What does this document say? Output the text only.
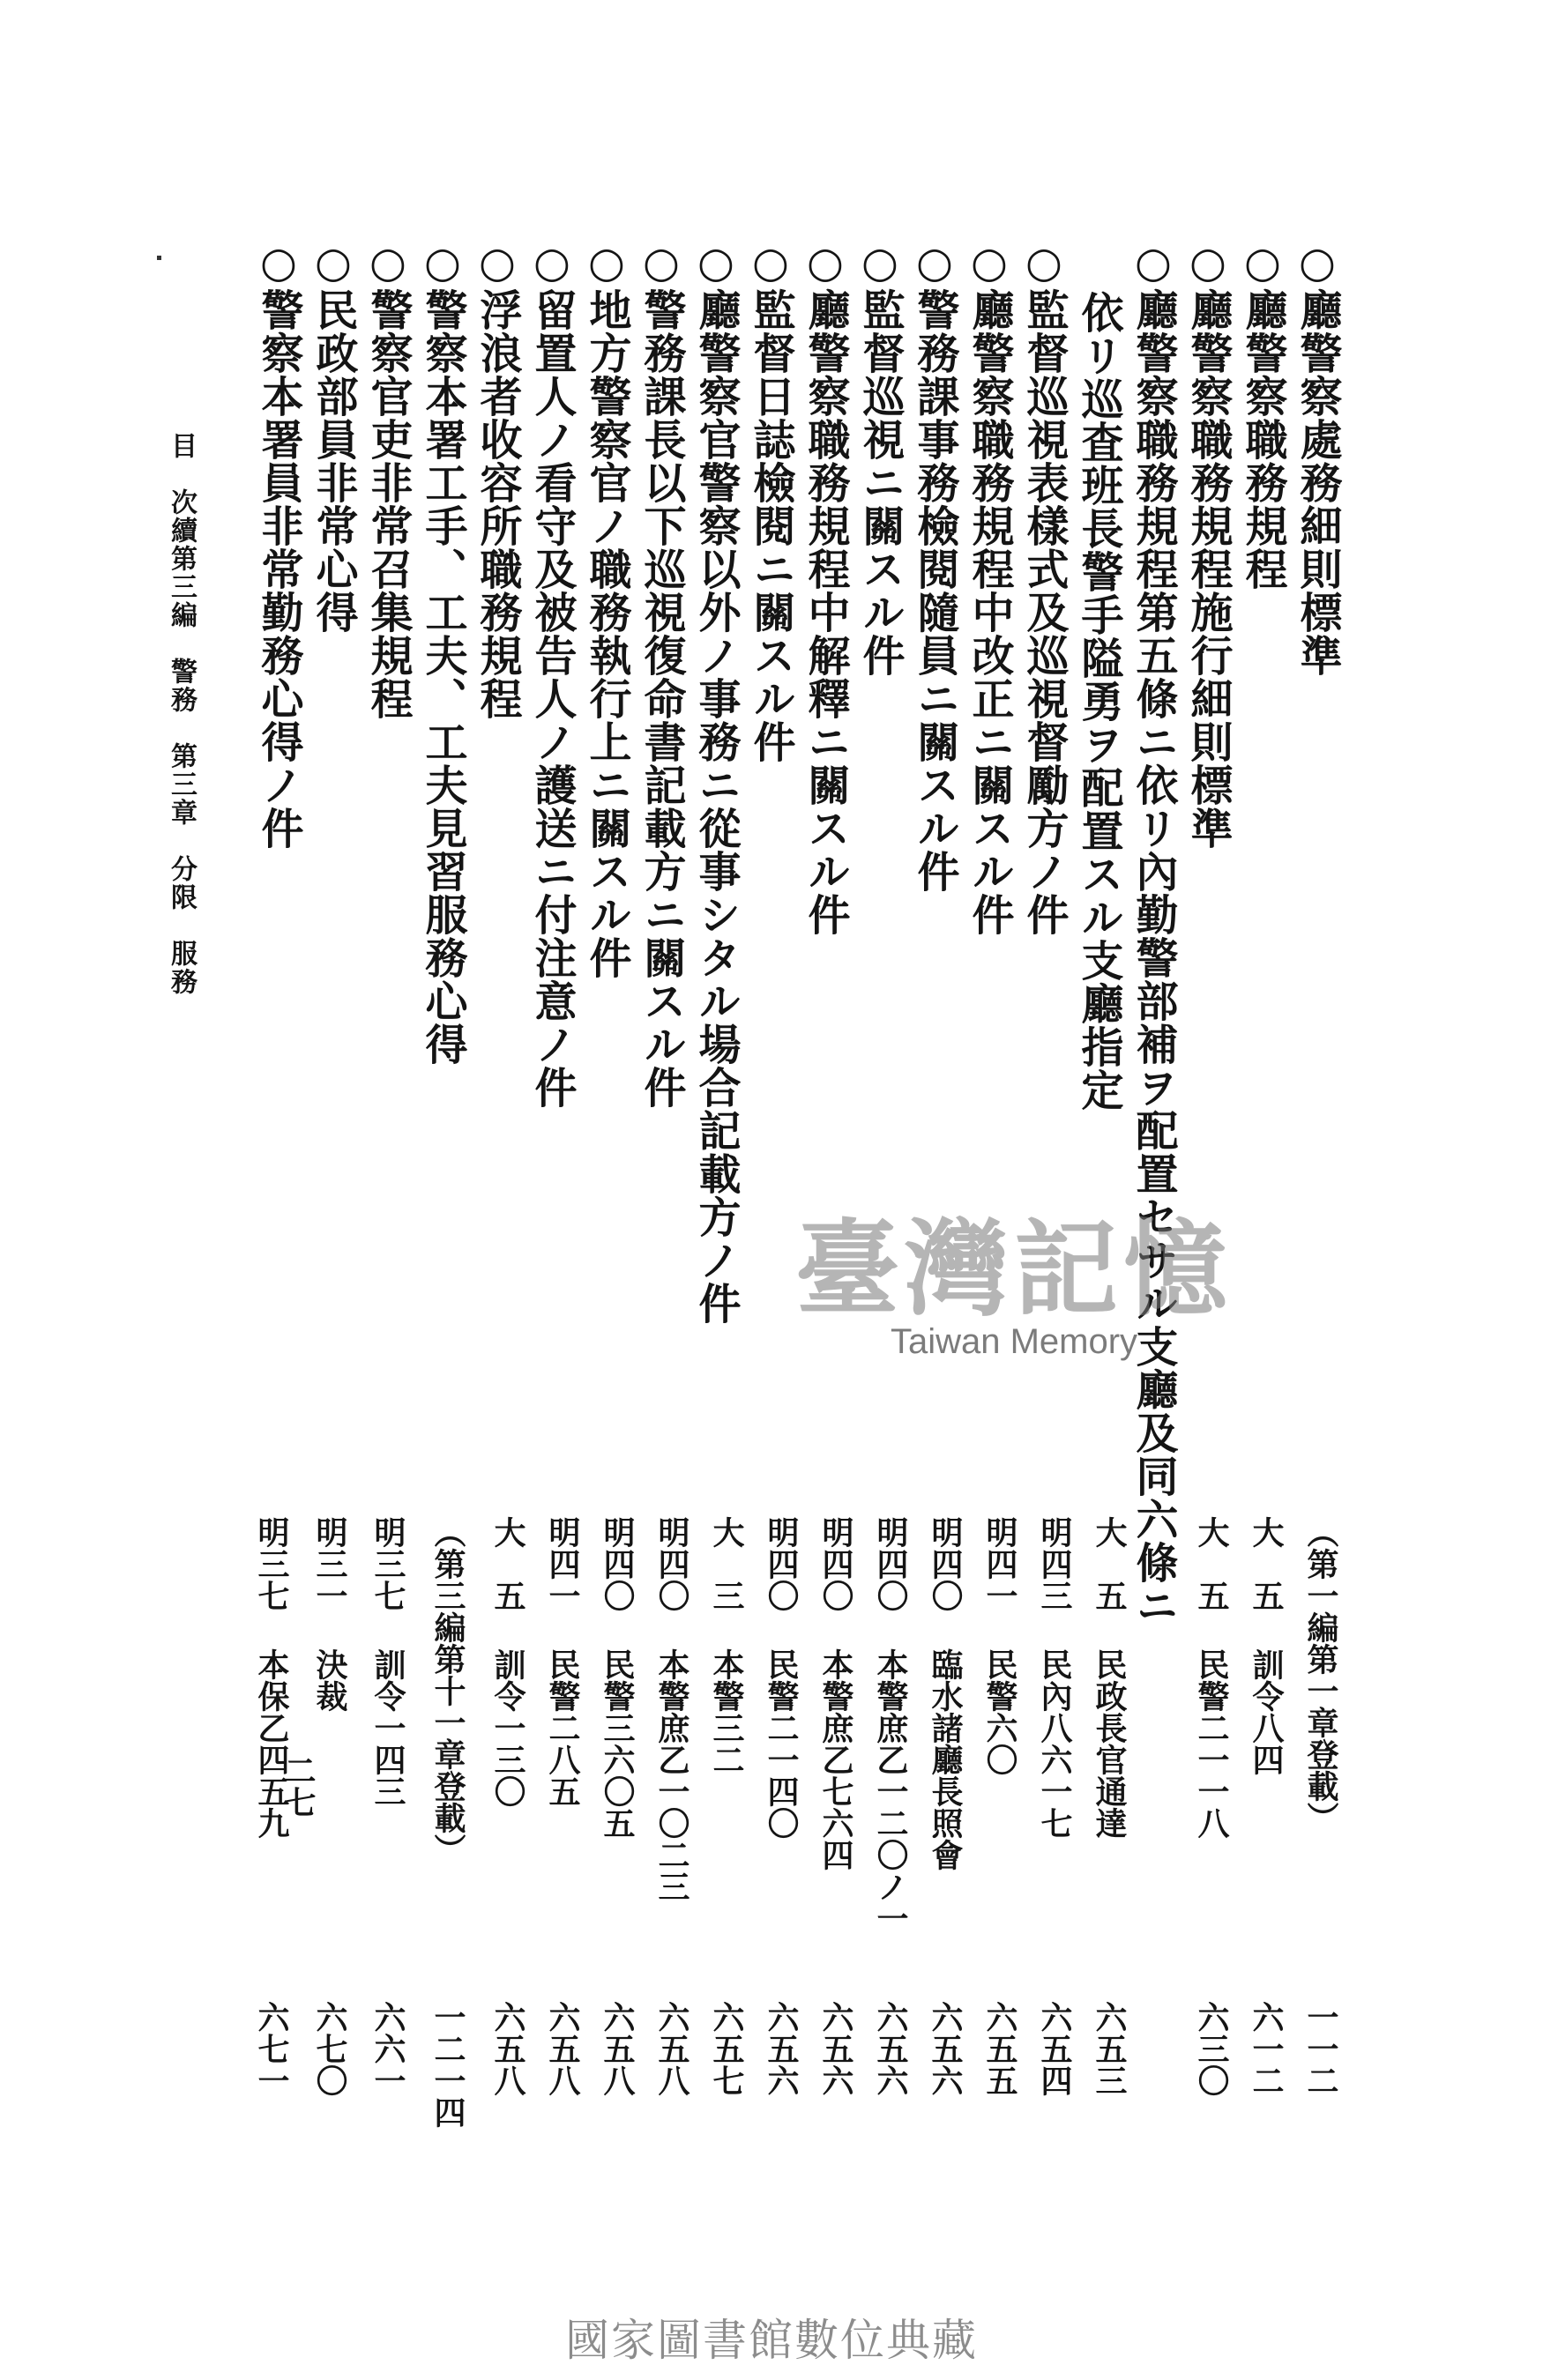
○廳警察處務細則標準
○廳警察職務規程
○廳警察職務規程施行細則標準
○廳警察職務規程第五條ニ依リ內勤警部補ヲ配置セサル支廳及同六條ニ
依リ巡査班長警手隘勇ヲ配置スル支廳指定
○監督巡視表樣式及巡視督勵方ノ件
○廳警察職務規程中改正ニ關スル件
○警務課事務檢閱隨員ニ關スル件
○監督巡視ニ關スル件
○廳警察職務規程中解釋ニ關スル件
○監督日誌檢閱ニ關スル件
○廳警察官警察以外ノ事務ニ從事シタル場合記載方ノ件
○警務課長以下巡視復命書記載方ニ關スル件
○地方警察官ノ職務執行上ニ關スル件
○留置人ノ看守及被告人ノ護送ニ付注意ノ件
○浮浪者收容所職務規程
○警察本署工手、工夫、工夫見習服務心得
○警察官吏非常召集規程
○民政部員非常心得
○警察本署員非常勤務心得ノ件
目　次續第三編　警務　第三章　分限　服務
二七
臺灣記憶
Taiwan Memory
（第一編第一章登載）
一一二
大　五
訓令八四
六一二
大　五
民警二一一八
六三〇
大　五
民政長官通達
六五三
明四三
民內八六一七
六五四
明四一
民警六〇
六五五
明四〇
臨水諸廳長照會
六五六
明四〇
本警庶乙一二〇ノ一
六五六
明四〇
本警庶乙七六四
六五六
明四〇
民警二一四〇
六五六
大　三
本警三二
六五七
明四〇
本警庶乙一〇二三
六五八
明四〇
民警三六〇五
六五八
明四一
民警二八五
六五八
大　五
訓令一三〇
六五八
（第三編第十一章登載）
一二一四
明三七
訓令一四三
六六一
明三一
決裁
六七〇
明三七
本保乙四五九
六七一
國家圖書館數位典藏
